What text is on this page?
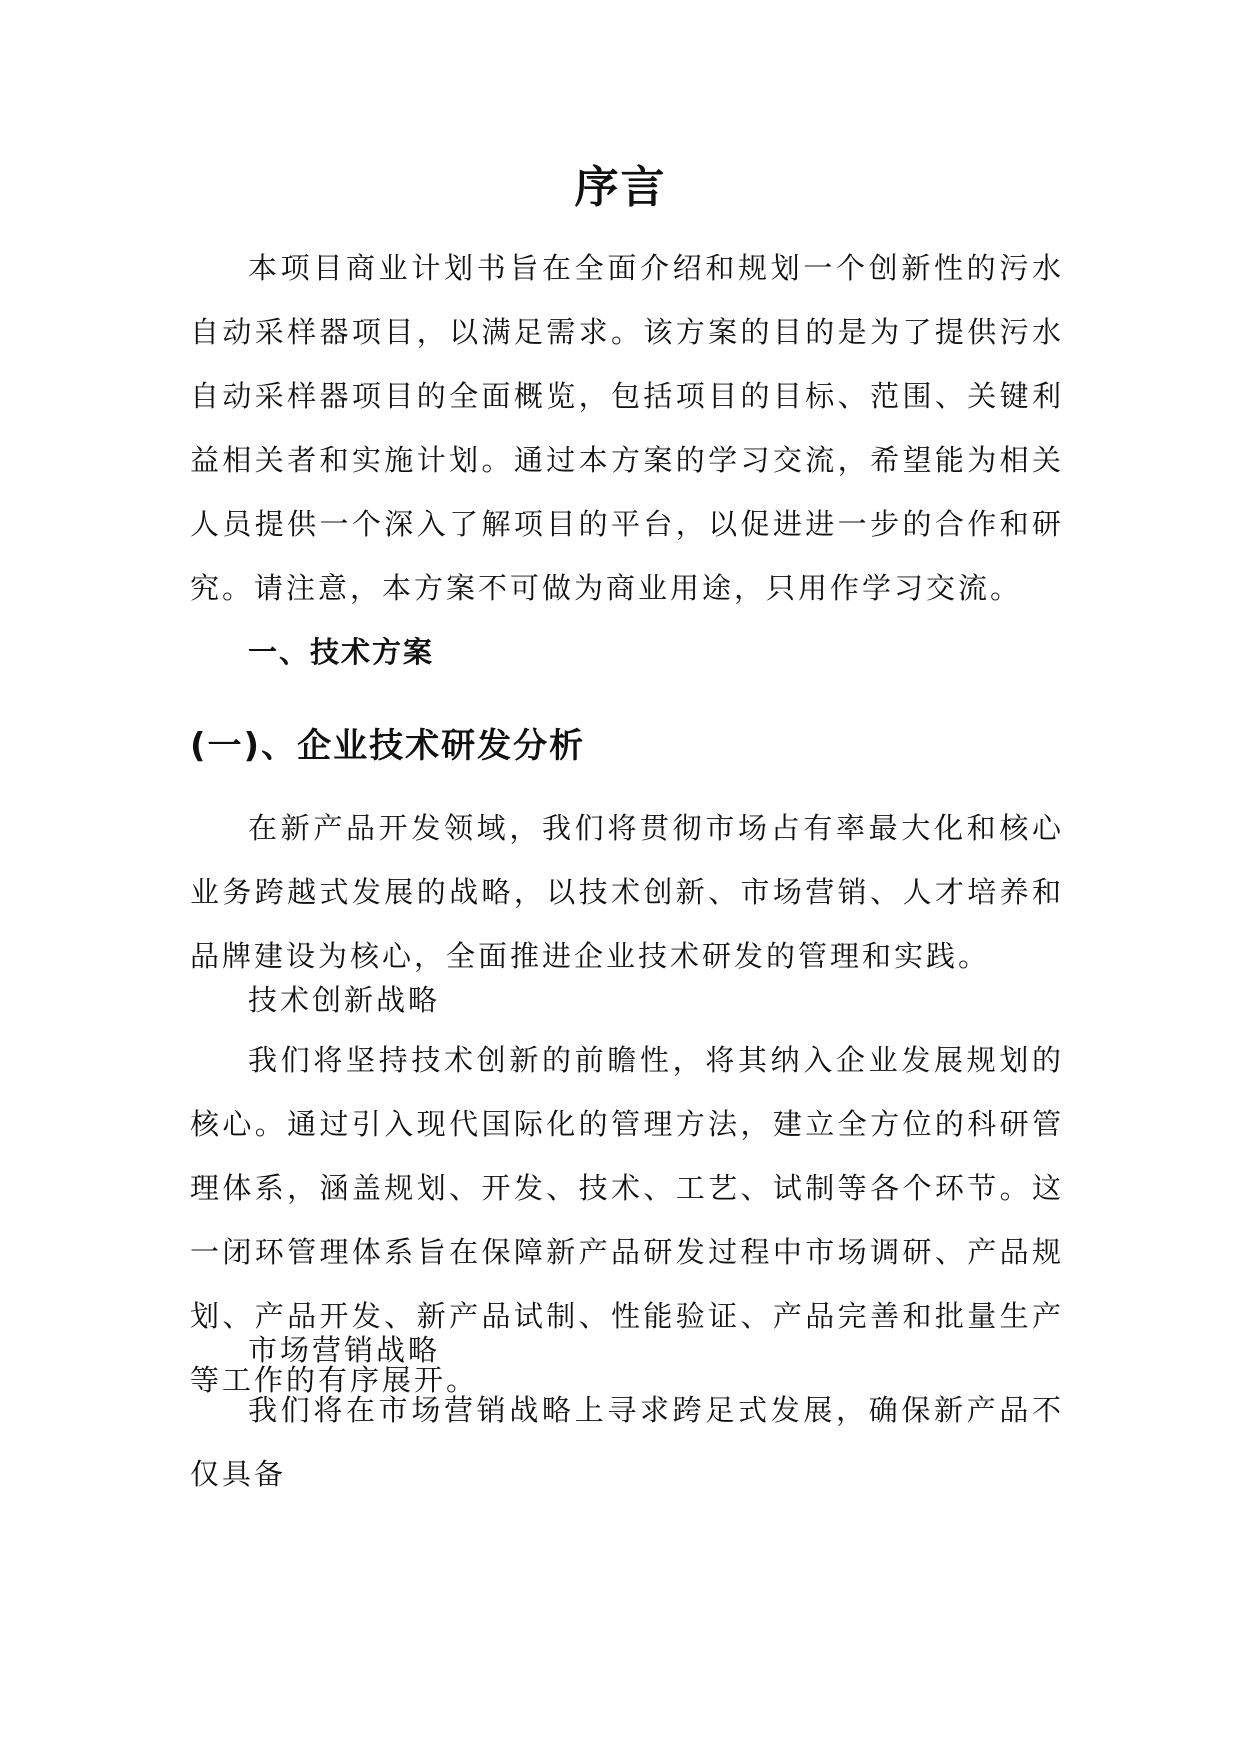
序言

本项目商业计划书旨在全面介绍和规划一个创新性的污水自动采样器项目，以满足需求。该方案的目的是为了提供污水自动采样器项目的全面概览，包括项目的目标、范围、关键利益相关者和实施计划。通过本方案的学习交流，希望能为相关人员提供一个深入了解项目的平台，以促进进一步的合作和研究。请注意，本方案不可做为商业用途，只用作学习交流。

一、技术方案
(一)、企业技术研发分析

在新产品开发领域，我们将贯彻市场占有率最大化和核心业务跨越式发展的战略，以技术创新、市场营销、人才培养和品牌建设为核心，全面推进企业技术研发的管理和实践。

技术创新战略

我们将坚持技术创新的前瞻性，将其纳入企业发展规划的核心。通过引入现代国际化的管理方法，建立全方位的科研管理体系，涵盖规划、开发、技术、工艺、试制等各个环节。这一闭环管理体系旨在保障新产品研发过程中市场调研、产品规划、产品开发、新产品试制、性能验证、产品完善和批量生产等工作的有序展开。

市场营销战略

我们将在市场营销战略上寻求跨足式发展，确保新产品不仅具备
